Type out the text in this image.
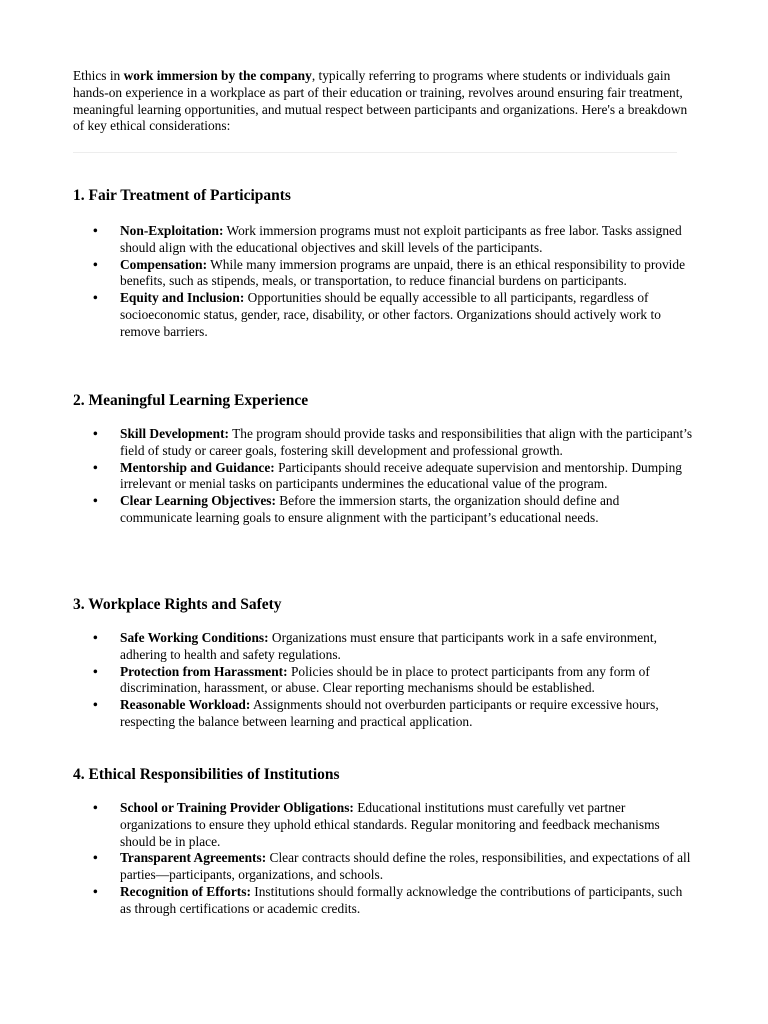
Ethics in work immersion by the company, typically referring to programs where students or individuals gain hands-on experience in a workplace as part of their education or training, revolves around ensuring fair treatment, meaningful learning opportunities, and mutual respect between participants and organizations. Here's a breakdown of key ethical considerations:

1. Fair Treatment of Participants
• Non-Exploitation: Work immersion programs must not exploit participants as free labor. Tasks assigned should align with the educational objectives and skill levels of the participants.

• Compensation: While many immersion programs are unpaid, there is an ethical responsibility to provide benefits, such as stipends, meals, or transportation, to reduce financial burdens on participants.

• Equity and Inclusion: Opportunities should be equally accessible to all participants, regardless of socioeconomic status, gender, race, disability, or other factors. Organizations should actively work to remove barriers.

2. Meaningful Learning Experience
• Skill Development: The program should provide tasks and responsibilities that align with the participant’s field of study or career goals, fostering skill development and professional growth.

• Mentorship and Guidance: Participants should receive adequate supervision and mentorship. Dumping irrelevant or menial tasks on participants undermines the educational value of the program.

• Clear Learning Objectives: Before the immersion starts, the organization should define and communicate learning goals to ensure alignment with the participant’s educational needs.

3. Workplace Rights and Safety
• Safe Working Conditions: Organizations must ensure that participants work in a safe environment, adhering to health and safety regulations.

• Protection from Harassment: Policies should be in place to protect participants from any form of discrimination, harassment, or abuse. Clear reporting mechanisms should be established.

• Reasonable Workload: Assignments should not overburden participants or require excessive hours, respecting the balance between learning and practical application.

4. Ethical Responsibilities of Institutions
• School or Training Provider Obligations: Educational institutions must carefully vet partner organizations to ensure they uphold ethical standards. Regular monitoring and feedback mechanisms should be in place.

• Transparent Agreements: Clear contracts should define the roles, responsibilities, and expectations of all parties—participants, organizations, and schools.

• Recognition of Efforts: Institutions should formally acknowledge the contributions of participants, such as through certifications or academic credits.
